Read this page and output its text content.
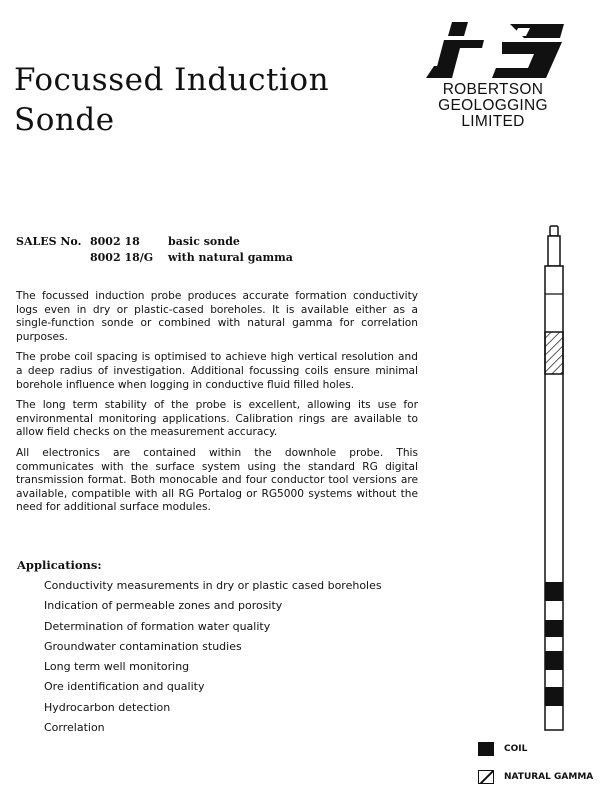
Focussed Induction
Sonde
ROBERTSON
GEOLOGGING
LIMITED
SALES No. 8002 18	basic sonde
8002 18/G	with natural gamma

The focussed induction probe produces accurate formation conductivity logs even in dry or plastic-cased boreholes. It is available either as a single-function sonde or combined with natural gamma for correlation purposes.

The probe coil spacing is optimised to achieve high vertical resolution and a deep radius of investigation. Additional focussing coils ensure minimal borehole influence when logging in conductive fluid filled holes.

The long term stability of the probe is excellent, allowing its use for environmental monitoring applications. Calibration rings are available to allow field checks on the measurement accuracy.

All electronics are contained within the downhole probe. This communicates with the surface system using the standard RG digital transmission format. Both monocable and four conductor tool versions are available, compatible with all RG Portalog or RG5000 systems without the need for additional surface modules.

Applications:
Conductivity measurements in dry or plastic cased boreholes
Indication of permeable zones and porosity
Determination of formation water quality
Groundwater contamination studies
Long term well monitoring
Ore identification and quality
Hydrocarbon detection
Correlation
COIL
NATURAL GAMMA
